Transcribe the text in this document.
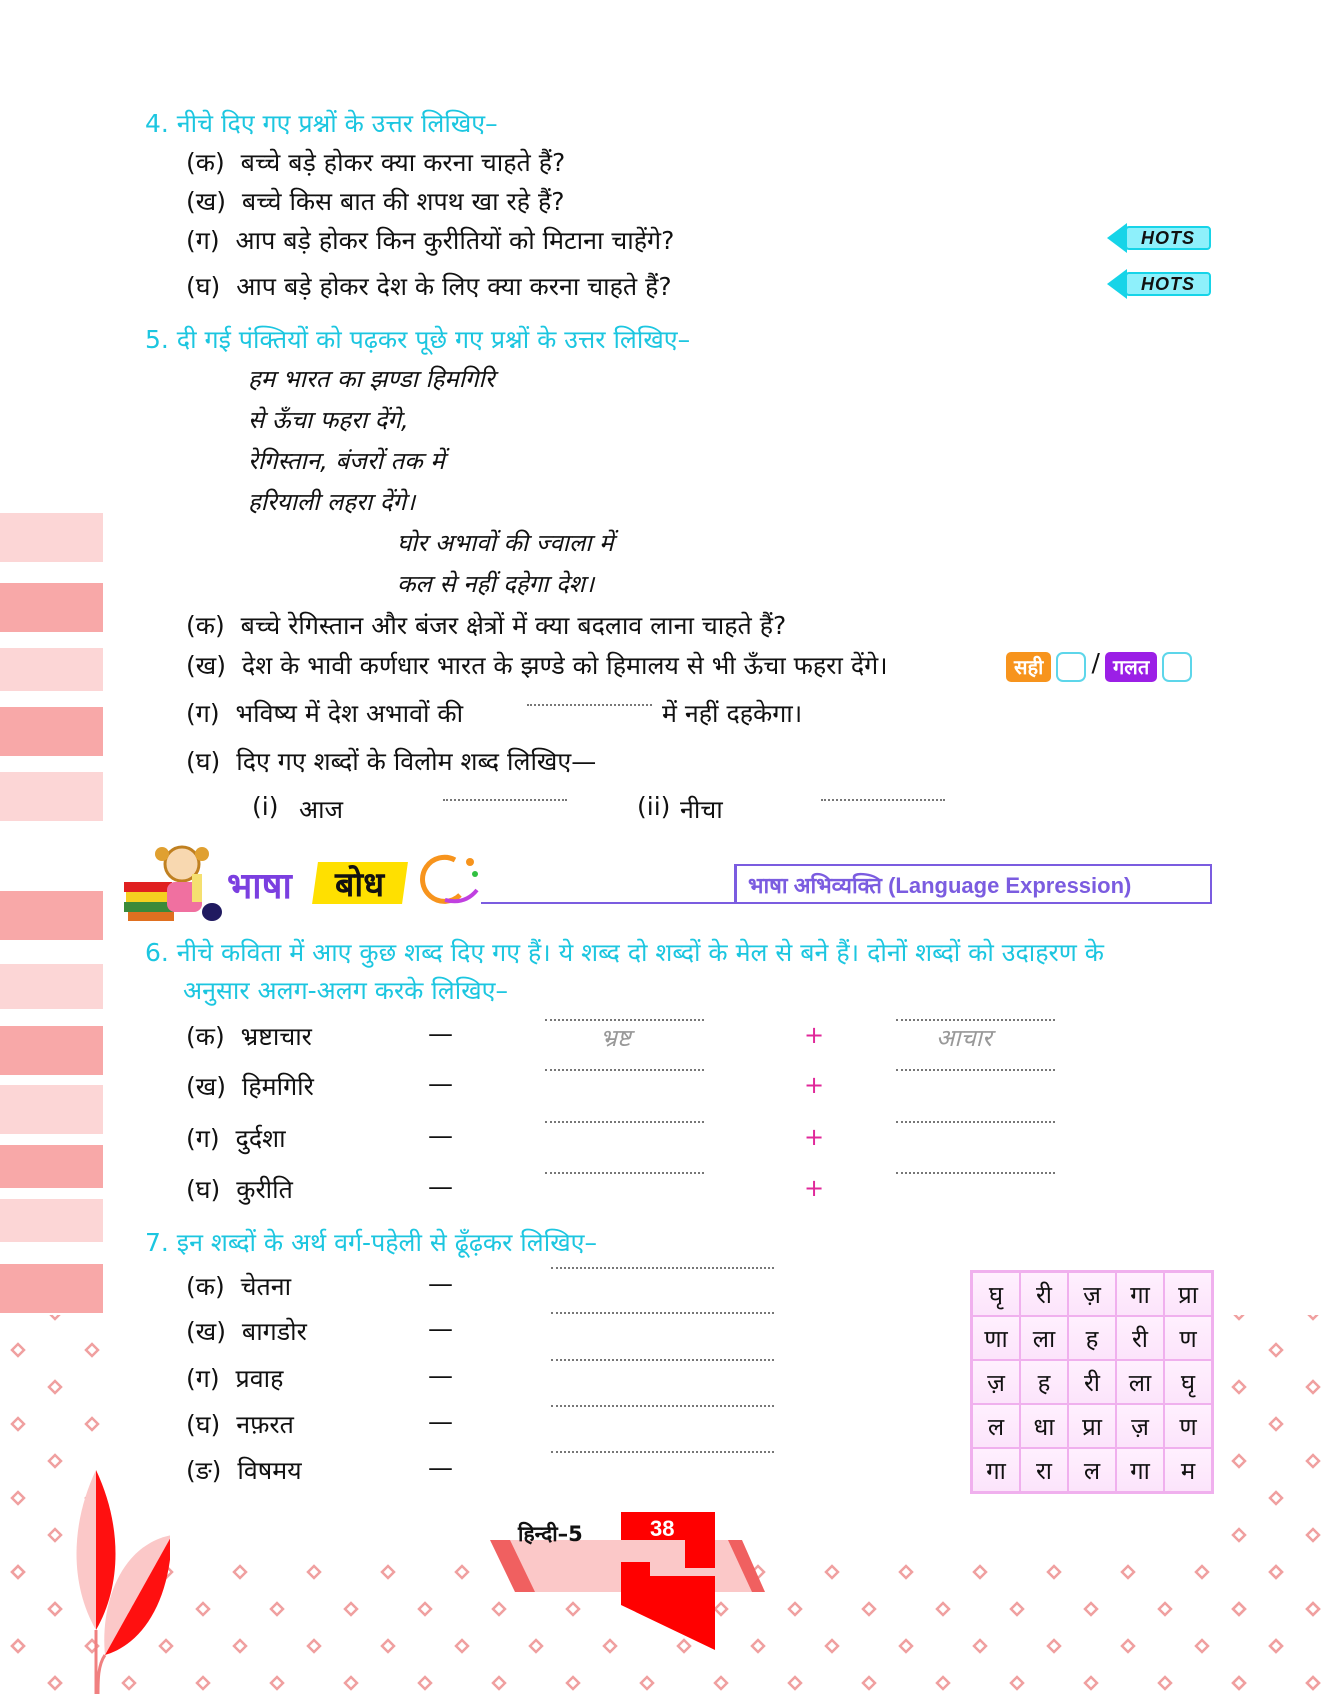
4. नीचे दिए गए प्रश्नों के उत्तर लिखिए–
(क) बच्चे बड़े होकर क्या करना चाहते हैं?
(ख) बच्चे किस बात की शपथ खा रहे हैं?
(ग) आप बड़े होकर किन कुरीतियों को मिटाना चाहेंगे?
(घ) आप बड़े होकर देश के लिए क्या करना चाहते हैं?
HOTS
HOTS
5. दी गई पंक्तियों को पढ़कर पूछे गए प्रश्नों के उत्तर लिखिए–
हम भारत का झण्डा हिमगिरि
से ऊँचा फहरा देंगे,
रेगिस्तान, बंजरों तक में
हरियाली लहरा देंगे।
घोर अभावों की ज्वाला में
कल से नहीं दहेगा देश।
(क) बच्चे रेगिस्तान और बंजर क्षेत्रों में क्या बदलाव लाना चाहते हैं?
(ख) देश के भावी कर्णधार भारत के झण्डे को हिमालय से भी ऊँचा फहरा देंगे।	सही / गलत
(ग) भविष्य में देश अभावों की	में नहीं दहकेगा।
(घ) दिए गए शब्दों के विलोम शब्द लिखिए—
(i) आज	(ii) नीचा
भाषा बोध	भाषा अभिव्यक्ति (Language Expression)
6. नीचे कविता में आए कुछ शब्द दिए गए हैं। ये शब्द दो शब्दों के मेल से बने हैं। दोनों शब्दों को उदाहरण के
अनुसार अलग-अलग करके लिखिए–
(क) भ्रष्टाचार	—	+
भ्रष्ट	आचार
(ख) हिमगिरि	—	+
(ग) दुर्दशा	—	+
(घ) कुरीति	—	+
7. इन शब्दों के अर्थ वर्ग-पहेली से ढूँढ़कर लिखिए–
(क) चेतना	—
(ख) बागडोर	—
(ग) प्रवाह	—
(घ) नफ़रत	—
(ङ) विषमय	—
घृ	री	ज़	गा	प्रा
णा	ला	ह	री	ण
ज़	ह	री	ला	घृ
ल	धा	प्रा	ज़	ण
गा	रा	ल	गा	म
हिन्दी–5	38
